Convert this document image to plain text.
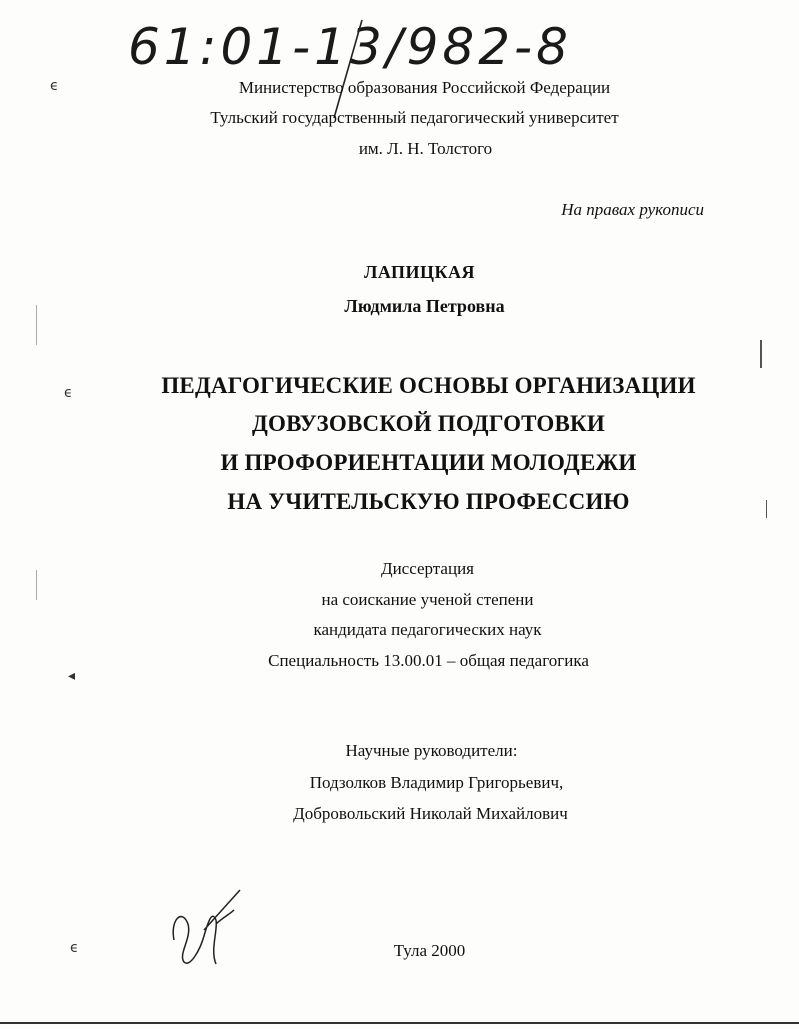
61:01-13/982-8
ϵ
ϵ
◂
ϵ
Министерство образования Российской Федерации
Тульский государственный педагогический университет
им. Л. Н. Толстого
На правах рукописи
ЛАПИЦКАЯ
Людмила Петровна
ПЕДАГОГИЧЕСКИЕ ОСНОВЫ ОРГАНИЗАЦИИ
ДОВУЗОВСКОЙ ПОДГОТОВКИ
И ПРОФОРИЕНТАЦИИ МОЛОДЕЖИ
НА УЧИТЕЛЬСКУЮ ПРОФЕССИЮ
Диссертация
на соискание ученой степени
кандидата педагогических наук
Специальность 13.00.01 – общая педагогика
Научные руководители:
Подзолков Владимир Григорьевич,
Добровольский Николай Михайлович
Тула 2000
